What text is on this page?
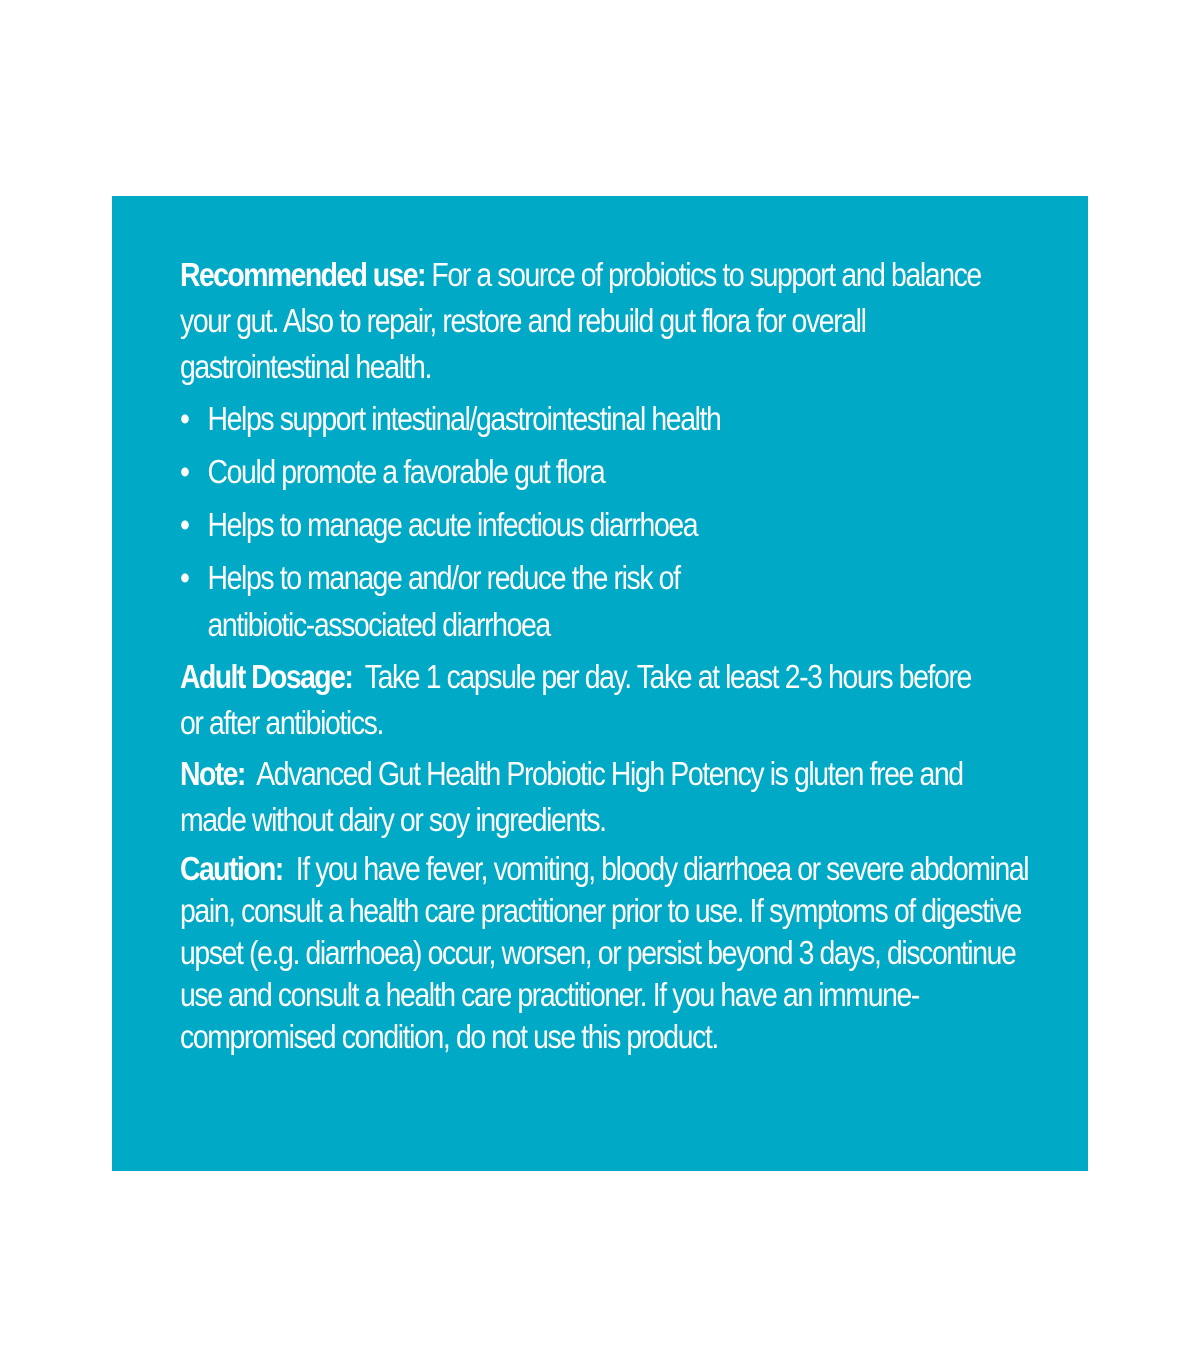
Recommended use: For a source of probiotics to support and balance your gut. Also to repair, restore and rebuild gut flora for overall gastrointestinal health.

• Helps support intestinal/gastrointestinal health
• Could promote a favorable gut flora
• Helps to manage acute infectious diarrhoea
• Helps to manage and/or reduce the risk of antibiotic-associated diarrhoea

Adult Dosage: Take 1 capsule per day. Take at least 2-3 hours before or after antibiotics.

Note: Advanced Gut Health Probiotic High Potency is gluten free and made without dairy or soy ingredients.

Caution: If you have fever, vomiting, bloody diarrhoea or severe abdominal pain, consult a health care practitioner prior to use. If symptoms of digestive upset (e.g. diarrhoea) occur, worsen, or persist beyond 3 days, discontinue use and consult a health care practitioner. If you have an immune-compromised condition, do not use this product.
